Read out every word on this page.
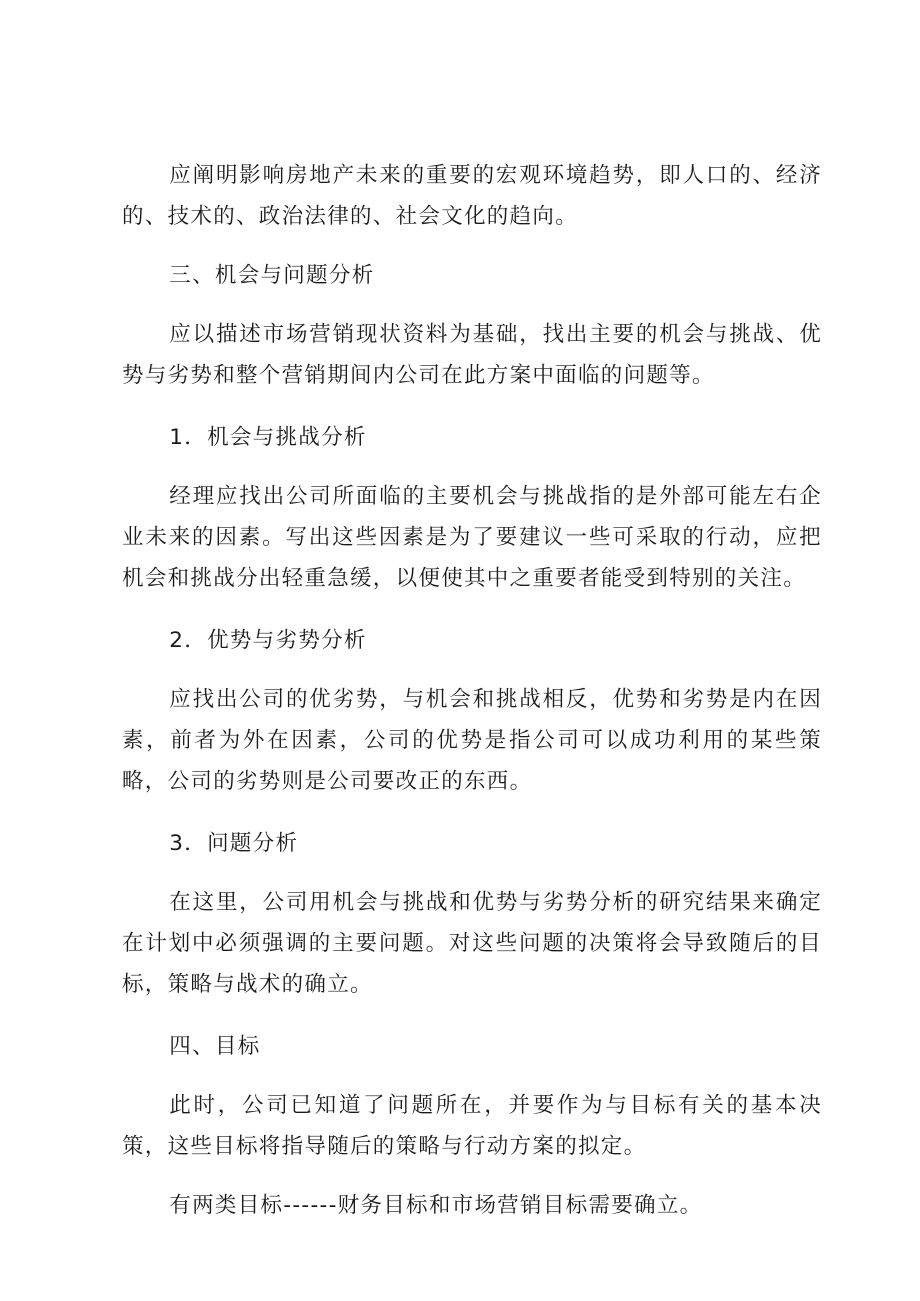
应阐明影响房地产未来的重要的宏观环境趋势，即人口的、经济的、技术的、政治法律的、社会文化的趋向。

三、机会与问题分析

应以描述市场营销现状资料为基础，找出主要的机会与挑战、优势与劣势和整个营销期间内公司在此方案中面临的问题等。

1．机会与挑战分析

经理应找出公司所面临的主要机会与挑战指的是外部可能左右企业未来的因素。写出这些因素是为了要建议一些可采取的行动，应把机会和挑战分出轻重急缓，以便使其中之重要者能受到特别的关注。

2．优势与劣势分析

应找出公司的优劣势，与机会和挑战相反，优势和劣势是内在因素，前者为外在因素，公司的优势是指公司可以成功利用的某些策略，公司的劣势则是公司要改正的东西。

3．问题分析

在这里，公司用机会与挑战和优势与劣势分析的研究结果来确定在计划中必须强调的主要问题。对这些问题的决策将会导致随后的目标，策略与战术的确立。

四、目标

此时，公司已知道了问题所在，并要作为与目标有关的基本决策，这些目标将指导随后的策略与行动方案的拟定。

有两类目标------财务目标和市场营销目标需要确立。
